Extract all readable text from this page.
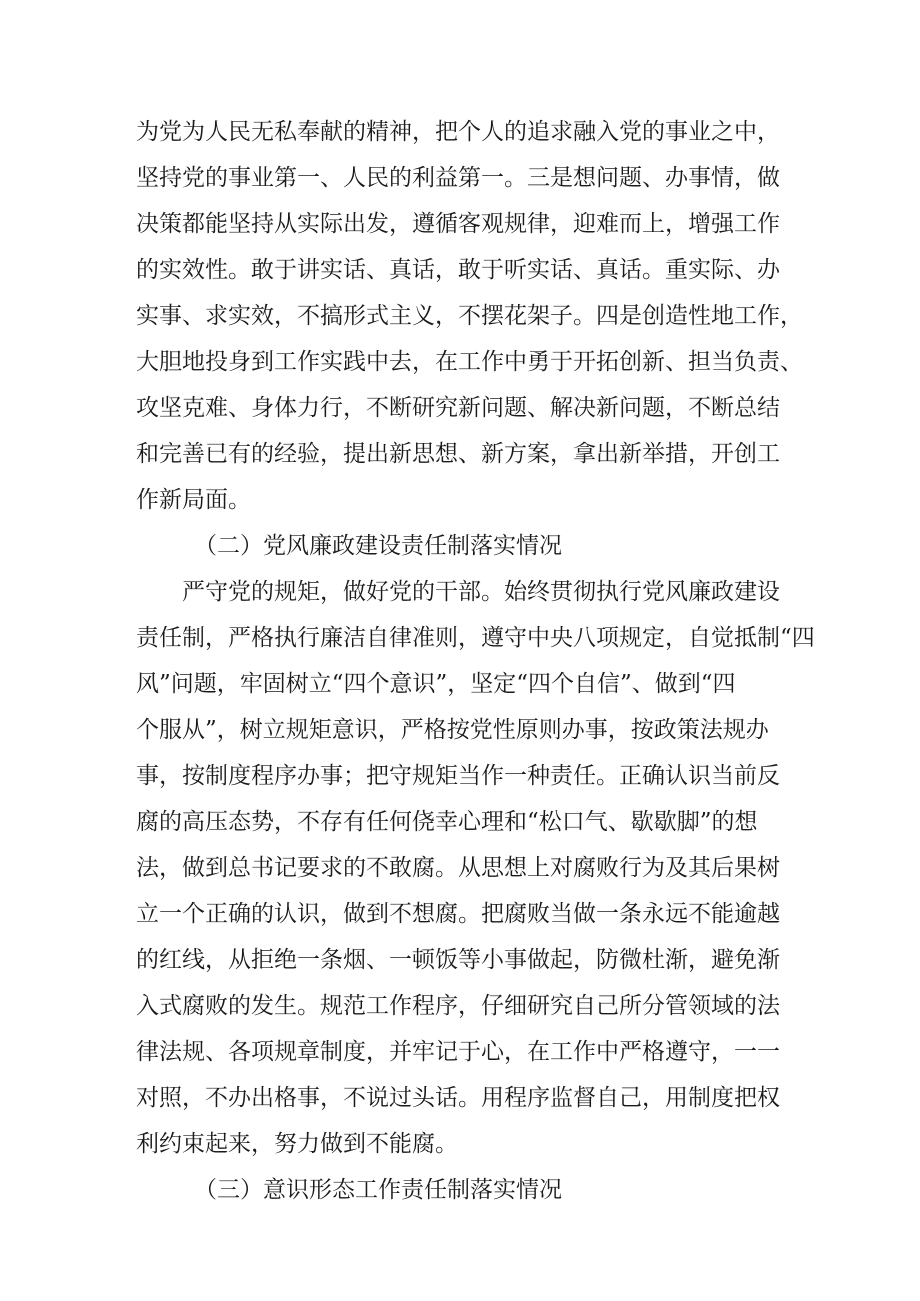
为党为人民无私奉献的精神，把个人的追求融入党的事业之中，
坚持党的事业第一、人民的利益第一。三是想问题、办事情，做
决策都能坚持从实际出发，遵循客观规律，迎难而上，增强工作
的实效性。敢于讲实话、真话，敢于听实话、真话。重实际、办
实事、求实效，不搞形式主义，不摆花架子。四是创造性地工作，
大胆地投身到工作实践中去，在工作中勇于开拓创新、担当负责、
攻坚克难、身体力行，不断研究新问题、解决新问题，不断总结
和完善已有的经验，提出新思想、新方案，拿出新举措，开创工
作新局面。
（二）党风廉政建设责任制落实情况
严守党的规矩，做好党的干部。始终贯彻执行党风廉政建设
责任制，严格执行廉洁自律准则，遵守中央八项规定，自觉抵制“四
风”问题，牢固树立“四个意识”，坚定“四个自信”、做到“四
个服从”，树立规矩意识，严格按党性原则办事，按政策法规办
事，按制度程序办事；把守规矩当作一种责任。正确认识当前反
腐的高压态势，不存有任何侥幸心理和“松口气、歇歇脚”的想
法，做到总书记要求的不敢腐。从思想上对腐败行为及其后果树
立一个正确的认识，做到不想腐。把腐败当做一条永远不能逾越
的红线，从拒绝一条烟、一顿饭等小事做起，防微杜渐，避免渐
入式腐败的发生。规范工作程序，仔细研究自己所分管领域的法
律法规、各项规章制度，并牢记于心，在工作中严格遵守，一一
对照，不办出格事，不说过头话。用程序监督自己，用制度把权
利约束起来，努力做到不能腐。
（三）意识形态工作责任制落实情况
